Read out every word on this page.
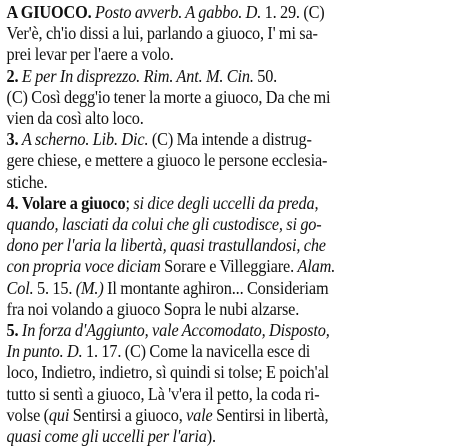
A GIUOCO. Posto avverb. A gabbo. D. 1. 29. (C)
Ver'è, ch'io dissi a lui, parlando a giuoco, I' mi sa-
prei levar per l'aere a volo.
2. E per In disprezzo. Rim. Ant. M. Cin. 50.
(C) Così degg'io tener la morte a giuoco, Da che mi
vien da così alto loco.
3. A scherno. Lib. Dic. (C) Ma intende a distrug-
gere chiese, e mettere a giuoco le persone ecclesia-
stiche.
4. Volare a giuoco; si dice degli uccelli da preda,
quando, lasciati da colui che gli custodisce, si go-
dono per l'aria la libertà, quasi trastullandosi, che
con propria voce diciam Sorare e Villeggiare. Alam.
Col. 5. 15. (M.) Il montante aghiron... Consideriam
fra noi volando a giuoco Sopra le nubi alzarse.
5. In forza d'Aggiunto, vale Accomodato, Disposto,
In punto. D. 1. 17. (C) Come la navicella esce di
loco, Indietro, indietro, sì quindi si tolse; E poich'al
tutto si sentì a giuoco, Là 'v'era il petto, la coda ri-
volse (qui Sentirsi a giuoco, vale Sentirsi in libertà,
quasi come gli uccelli per l'aria).
